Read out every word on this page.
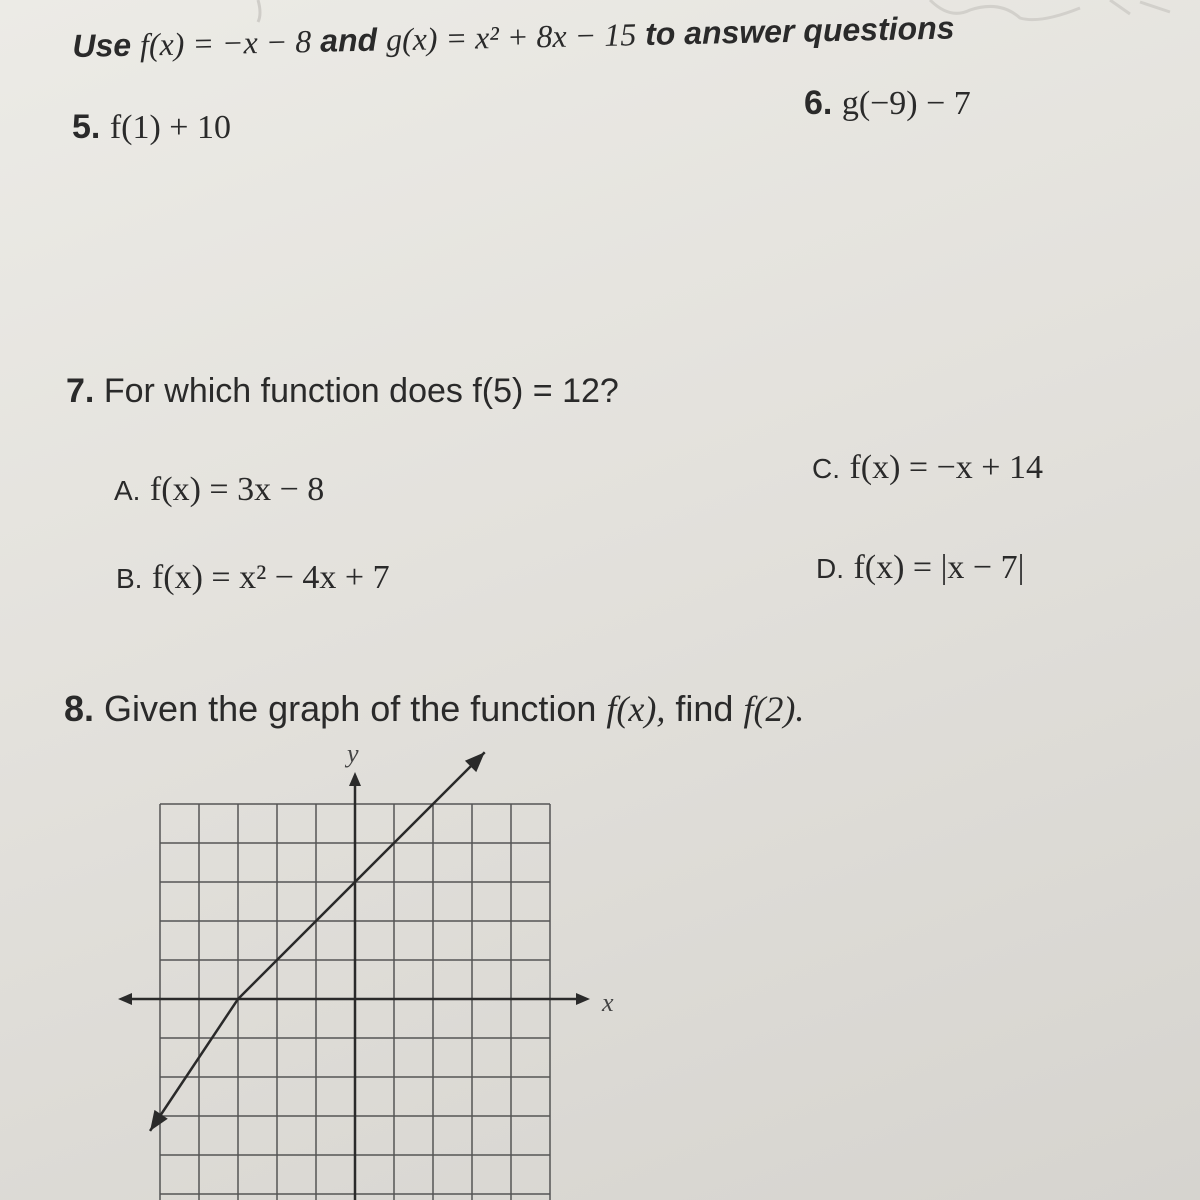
Use f(x) = −x − 8 and g(x) = x² + 8x − 15 to answer questions
5. f(1) + 10
6. g(−9) − 7
7. For which function does f(5) = 12?
A. f(x) = 3x − 8
B. f(x) = x² − 4x + 7
C. f(x) = −x + 14
D. f(x) = |x − 7|
8. Given the graph of the function f(x), find f(2).
x
y
